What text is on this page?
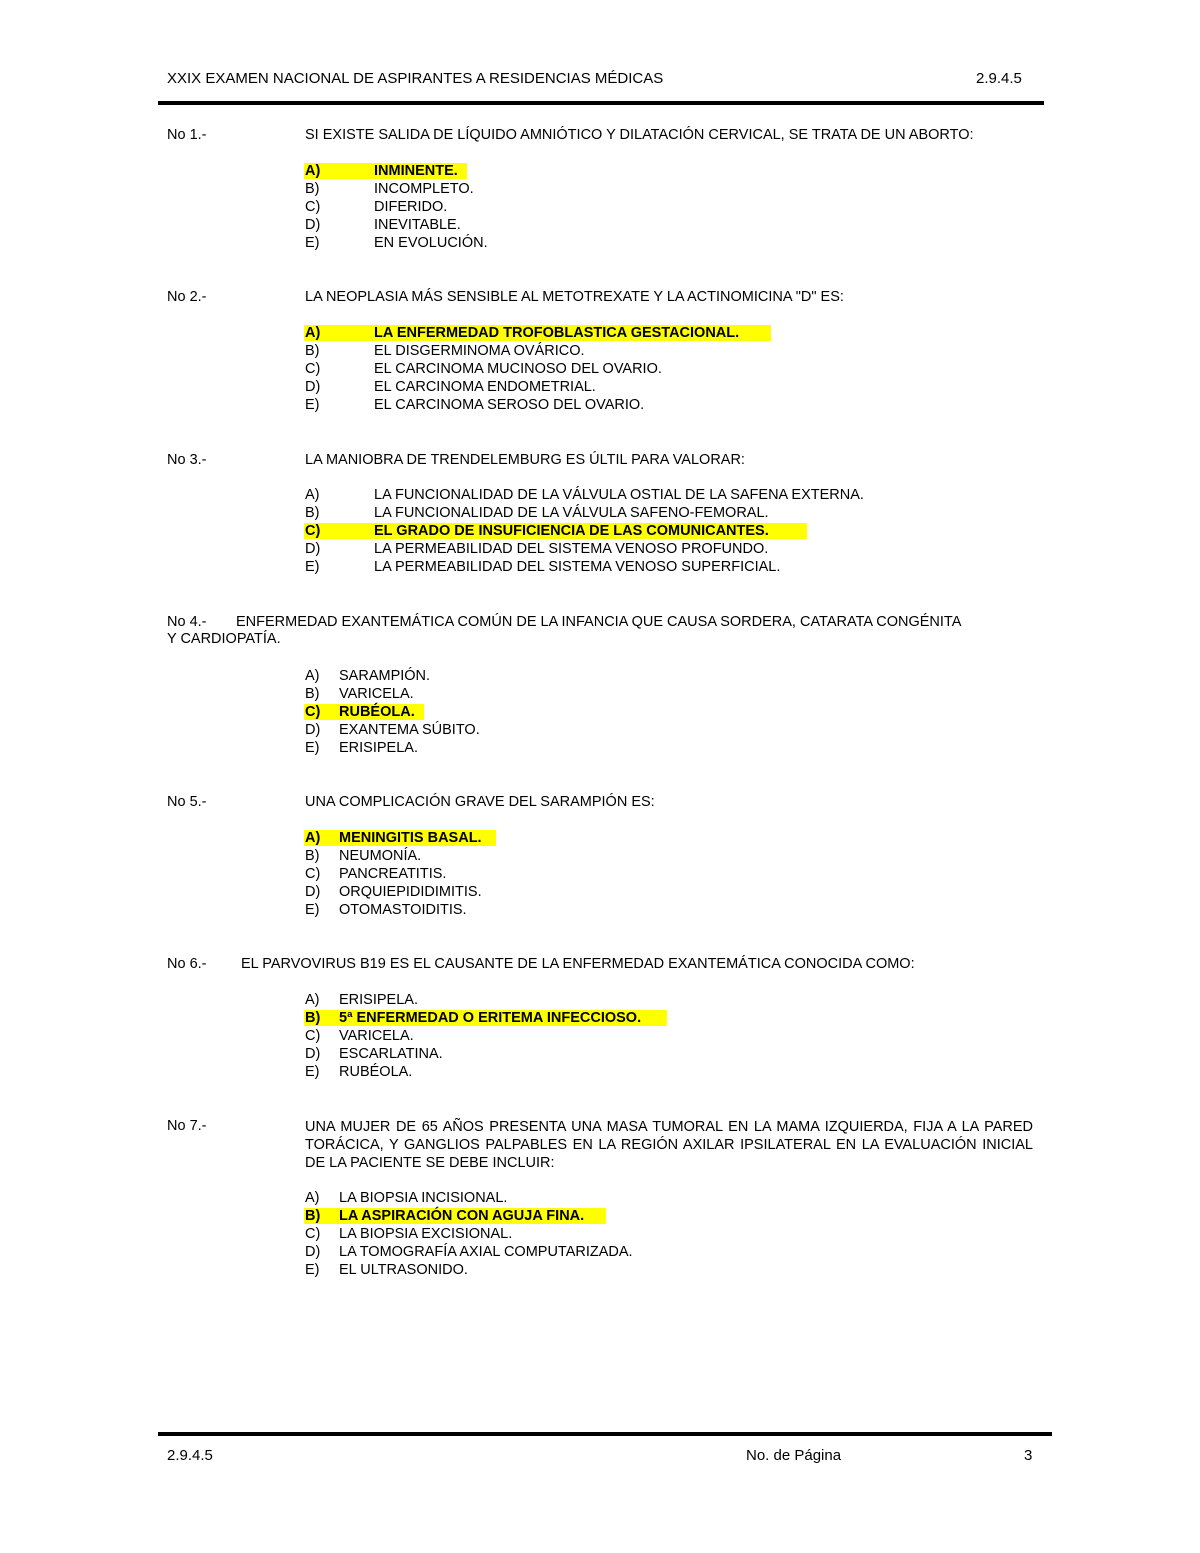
XXIX EXAMEN NACIONAL DE ASPIRANTES A RESIDENCIAS MÉDICAS	2.9.4.5
No 1.-	SI EXISTE SALIDA DE LÍQUIDO AMNIÓTICO Y DILATACIÓN CERVICAL, SE TRATA DE UN ABORTO:
A)	INMINENTE.
B)	INCOMPLETO.
C)	DIFERIDO.
D)	INEVITABLE.
E)	EN EVOLUCIÓN.
No 2.-	LA NEOPLASIA MÁS SENSIBLE AL METOTREXATE Y LA ACTINOMICINA "D" ES:
A)	LA ENFERMEDAD TROFOBLASTICA GESTACIONAL.
B)	EL DISGERMINOMA OVÁRICO.
C)	EL CARCINOMA MUCINOSO DEL OVARIO.
D)	EL CARCINOMA ENDOMETRIAL.
E)	EL CARCINOMA SEROSO DEL OVARIO.
No 3.-	LA MANIOBRA DE TRENDELEMBURG ES ÚLTIL PARA VALORAR:
A)	LA FUNCIONALIDAD DE LA VÁLVULA OSTIAL DE LA SAFENA EXTERNA.
B)	LA FUNCIONALIDAD DE LA VÁLVULA SAFENO-FEMORAL.
C)	EL GRADO DE INSUFICIENCIA DE LAS COMUNICANTES.
D)	LA PERMEABILIDAD DEL SISTEMA VENOSO PROFUNDO.
E)	LA PERMEABILIDAD DEL SISTEMA VENOSO SUPERFICIAL.
No 4.- ENFERMEDAD EXANTEMÁTICA COMÚN DE LA INFANCIA QUE CAUSA SORDERA, CATARATA CONGÉNITA
Y CARDIOPATÍA.
A) SARAMPIÓN.
B) VARICELA.
C) RUBÉOLA.
D) EXANTEMA SÚBITO.
E) ERISIPELA.
No 5.-	UNA COMPLICACIÓN GRAVE DEL SARAMPIÓN ES:
A) MENINGITIS BASAL.
B) NEUMONÍA.
C) PANCREATITIS.
D) ORQUIEPIDIDIMITIS.
E) OTOMASTOIDITIS.
No 6.- EL PARVOVIRUS B19 ES EL CAUSANTE DE LA ENFERMEDAD EXANTEMÁTICA CONOCIDA COMO:
A) ERISIPELA.
B) 5ª ENFERMEDAD O ERITEMA INFECCIOSO.
C) VARICELA.
D) ESCARLATINA.
E) RUBÉOLA.
No 7.-	UNA MUJER DE 65 AÑOS PRESENTA UNA MASA TUMORAL EN LA MAMA IZQUIERDA, FIJA A LA PARED TORÁCICA, Y GANGLIOS PALPABLES EN LA REGIÓN AXILAR IPSILATERAL EN LA EVALUACIÓN INICIAL DE LA PACIENTE SE DEBE INCLUIR:
A) LA BIOPSIA INCISIONAL.
B) LA ASPIRACIÓN CON AGUJA FINA.
C) LA BIOPSIA EXCISIONAL.
D) LA TOMOGRAFÍA AXIAL COMPUTARIZADA.
E) EL ULTRASONIDO.
2.9.4.5	No. de Página	3
